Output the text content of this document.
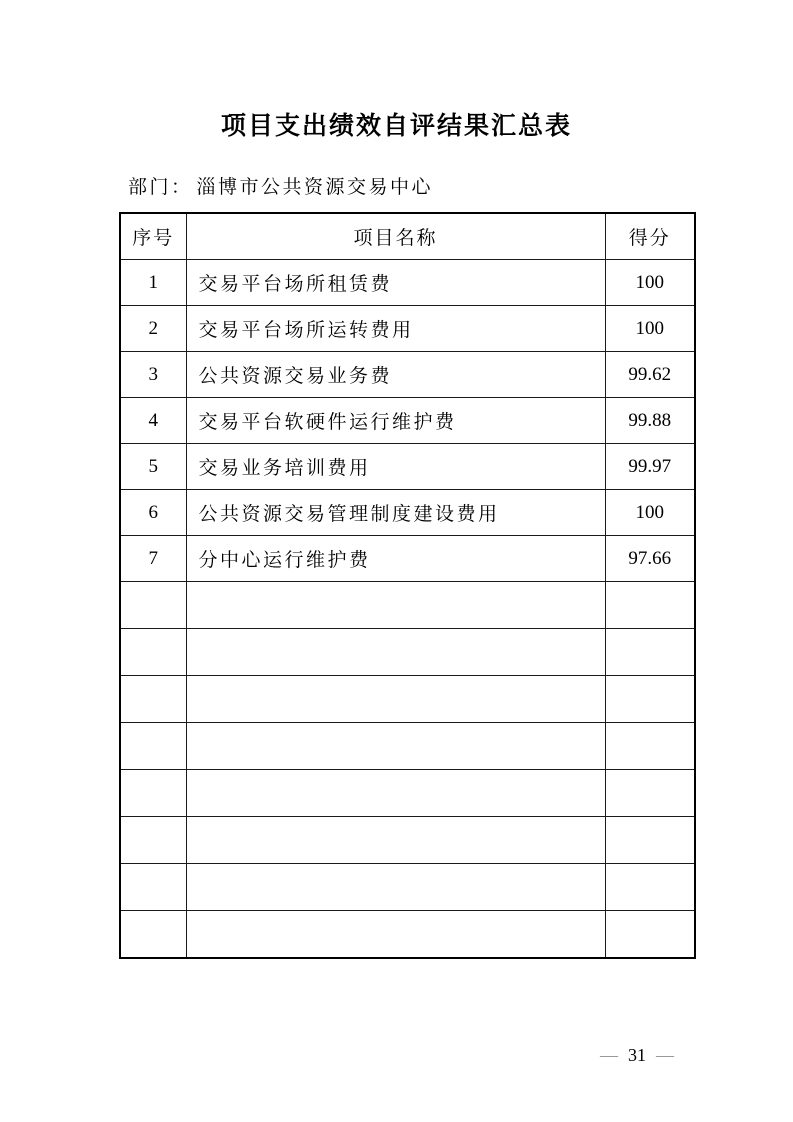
项目支出绩效自评结果汇总表
部门： 淄博市公共资源交易中心
序号	项目名称	得分
1	交易平台场所租赁费	100
2	交易平台场所运转费用	100
3	公共资源交易业务费	99.62
4	交易平台软硬件运行维护费	99.88
5	交易业务培训费用	99.97
6	公共资源交易管理制度建设费用	100
7	分中心运行维护费	97.66

— 31 —
